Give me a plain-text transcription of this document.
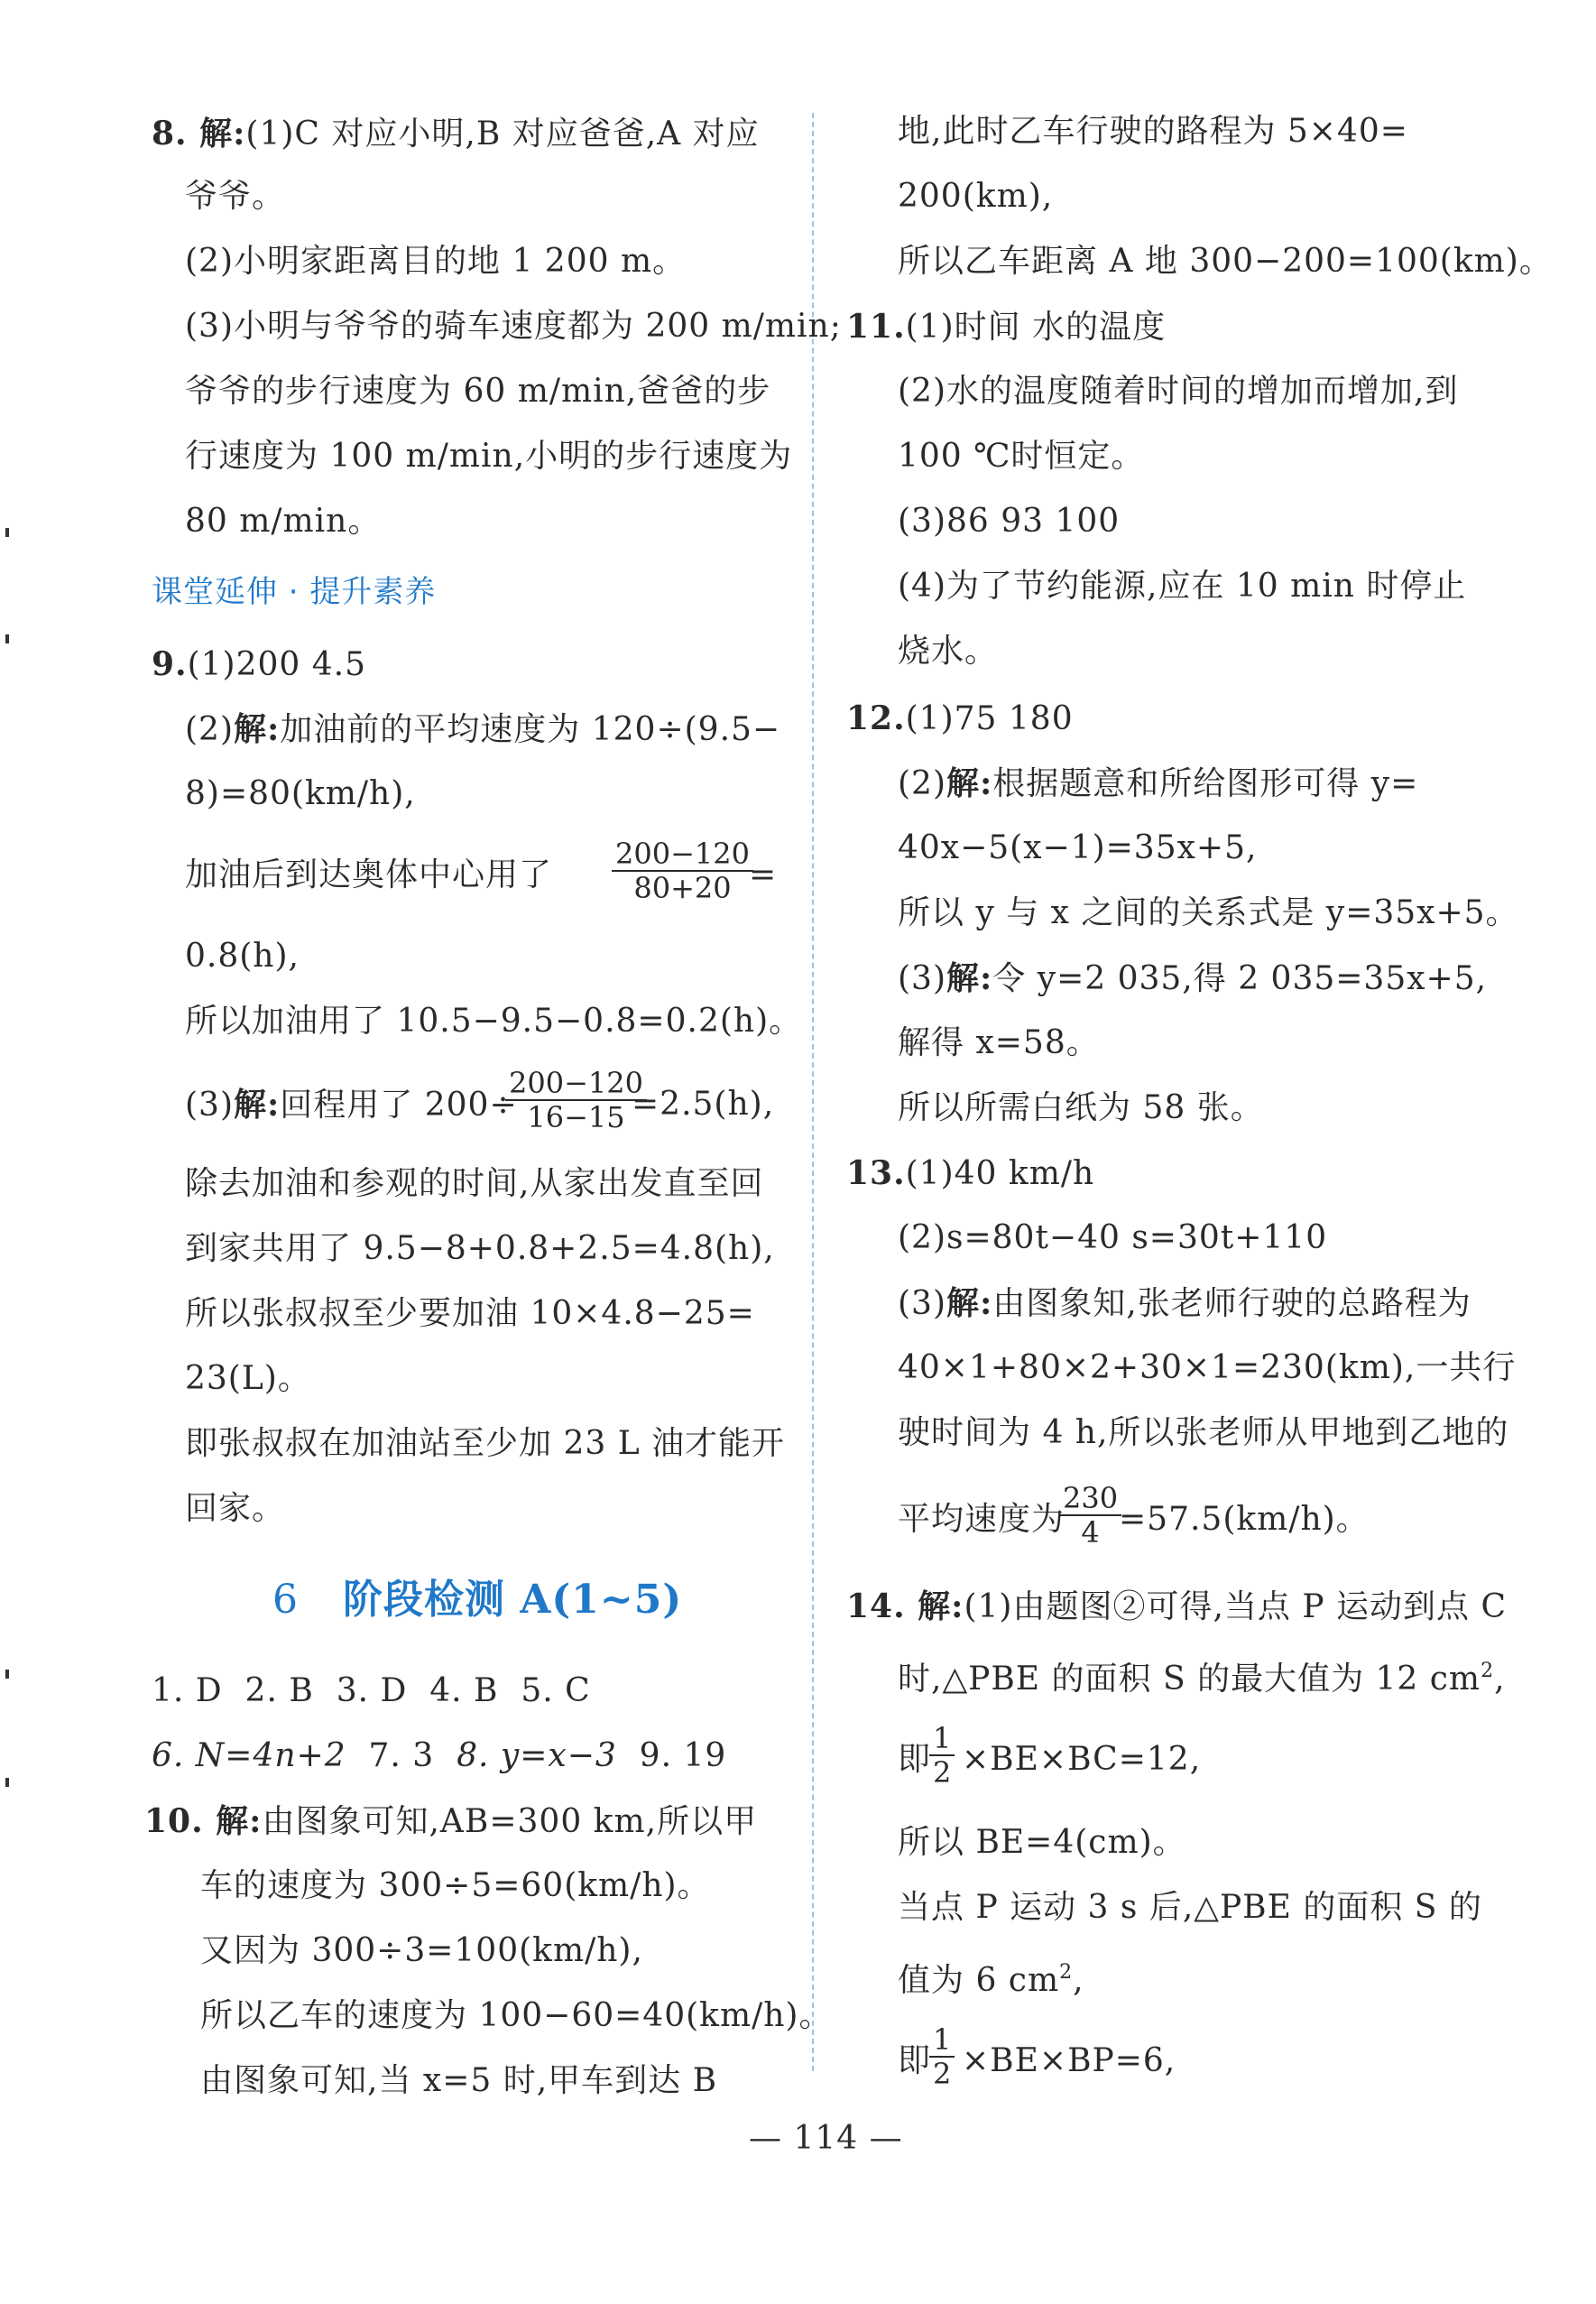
8. 解:(1)C 对应小明,B 对应爸爸,A 对应
爷爷。
(2)小明家距离目的地 1 200 m。
(3)小明与爷爷的骑车速度都为 200 m/min;
爷爷的步行速度为 60 m/min,爸爸的步
行速度为 100 m/min,小明的步行速度为
80 m/min。
课堂延伸 · 提升素养
9.(1)200 4.5
(2)解:加油前的平均速度为 120÷(9.5−
8)=80(km/h),
加油后到达奥体中心用了 $\frac{200-120}{80+20}$
=
0.8(h),
所以加油用了 10.5−9.5−0.8=0.2(h)。
(3)解:回程用了 200÷
$\frac{200-120}{16-15}$
=2.5(h),
除去加油和参观的时间,从家出发直至回
到家共用了 9.5−8+0.8+2.5=4.8(h),
所以张叔叔至少要加油 10×4.8−25=
23(L)。
即张叔叔在加油站至少加 23 L 油才能开
回家。
6 阶段检测 A(1~5)
1. D 2. B 3. D 4. B 5. C
6. N=4n+2 7. 3 8. y=x−3 9. 19
10. 解:由图象可知,AB=300 km,所以甲
车的速度为 300÷5=60(km/h)。
又因为 300÷3=100(km/h),
所以乙车的速度为 100−60=40(km/h)。
由图象可知,当 x=5 时,甲车到达 B
地,此时乙车行驶的路程为 5×40=
200(km),
所以乙车距离 A 地 300−200=100(km)。
11.(1)时间 水的温度
(2)水的温度随着时间的增加而增加,到
100 ℃时恒定。
(3)86 93 100
(4)为了节约能源,应在 10 min 时停止
烧水。
12.(1)75 180
(2)解:根据题意和所给图形可得 y=
40x−5(x−1)=35x+5,
所以 y 与 x 之间的关系式是 y=35x+5。
(3)解:令 y=2 035,得 2 035=35x+5,
解得 x=58。
所以所需白纸为 58 张。
13.(1)40 km/h
(2)s=80t−40 s=30t+110
(3)解:由图象知,张老师行驶的总路程为
40×1+80×2+30×1=230(km),一共行
驶时间为 4 h,所以张老师从甲地到乙地的
平均速度为
$\frac{230}{4}$
=57.5(km/h)。
14. 解:(1)由题图②可得,当点 P 运动到点 C
时,△PBE 的面积 S 的最大值为 12 $cm^2$,
即
$\frac{1}{2} \times BE\times BC=12$,
所以 BE=4(cm)。
当点 P 运动 3 s 后,△PBE 的面积 S 的
值为 6 $cm^2$,
即
$\frac{1}{2} \times BE\times BP=6$,
— 114 —
